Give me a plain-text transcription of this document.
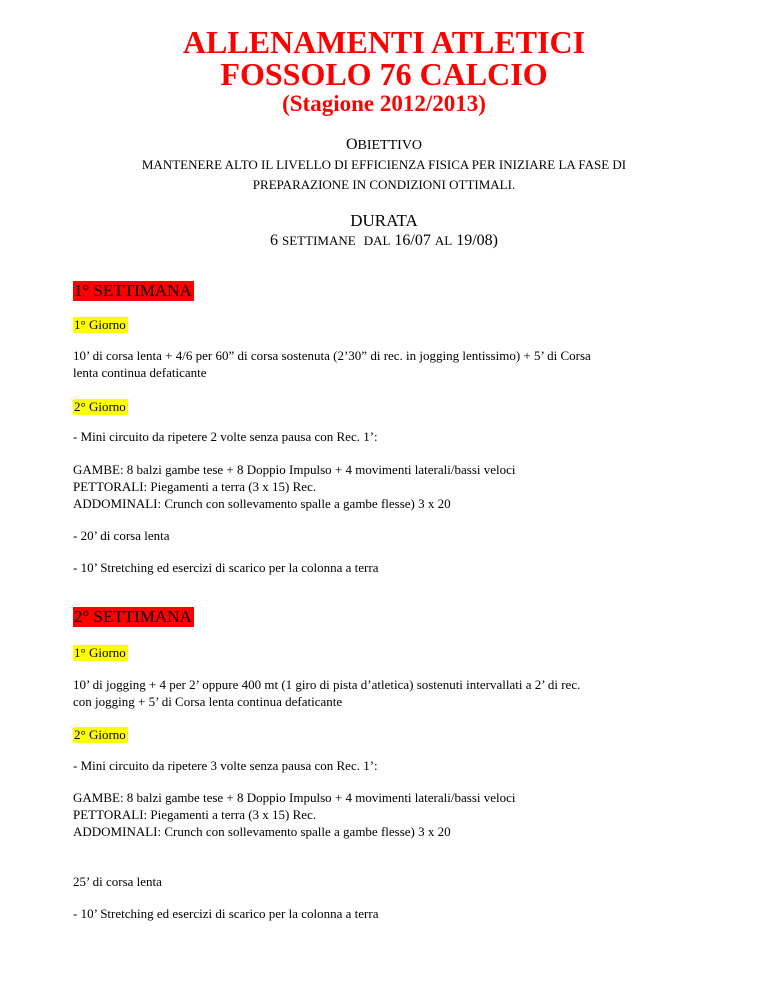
ALLENAMENTI ATLETICI
FOSSOLO 76 CALCIO
(Stagione 2012/2013)
OBIETTIVO
MANTENERE ALTO IL LIVELLO DI EFFICIENZA FISICA PER INIZIARE LA FASE DI
PREPARAZIONE IN CONDIZIONI OTTIMALI.
DURATA
6 SETTIMANE DAL 16/07 AL 19/08)
1° SETTIMANA
1° Giorno
10’ di corsa lenta + 4/6 per 60” di corsa sostenuta (2’30” di rec. in jogging lentissimo) + 5’ di Corsa
lenta continua defaticante
2° Giorno
- Mini circuito da ripetere 2 volte senza pausa con Rec. 1’:
GAMBE: 8 balzi gambe tese + 8 Doppio Impulso + 4 movimenti laterali/bassi veloci
PETTORALI: Piegamenti a terra (3 x 15) Rec.
ADDOMINALI: Crunch con sollevamento spalle a gambe flesse) 3 x 20
- 20’ di corsa lenta
- 10’ Stretching ed esercizi di scarico per la colonna a terra
2° SETTIMANA
1° Giorno
10’ di jogging + 4 per 2’ oppure 400 mt (1 giro di pista d’atletica) sostenuti intervallati a 2’ di rec.
con jogging + 5’ di Corsa lenta continua defaticante
2° Giorno
- Mini circuito da ripetere 3 volte senza pausa con Rec. 1’:
GAMBE: 8 balzi gambe tese + 8 Doppio Impulso + 4 movimenti laterali/bassi veloci
PETTORALI: Piegamenti a terra (3 x 15) Rec.
ADDOMINALI: Crunch con sollevamento spalle a gambe flesse) 3 x 20
25’ di corsa lenta
- 10’ Stretching ed esercizi di scarico per la colonna a terra
